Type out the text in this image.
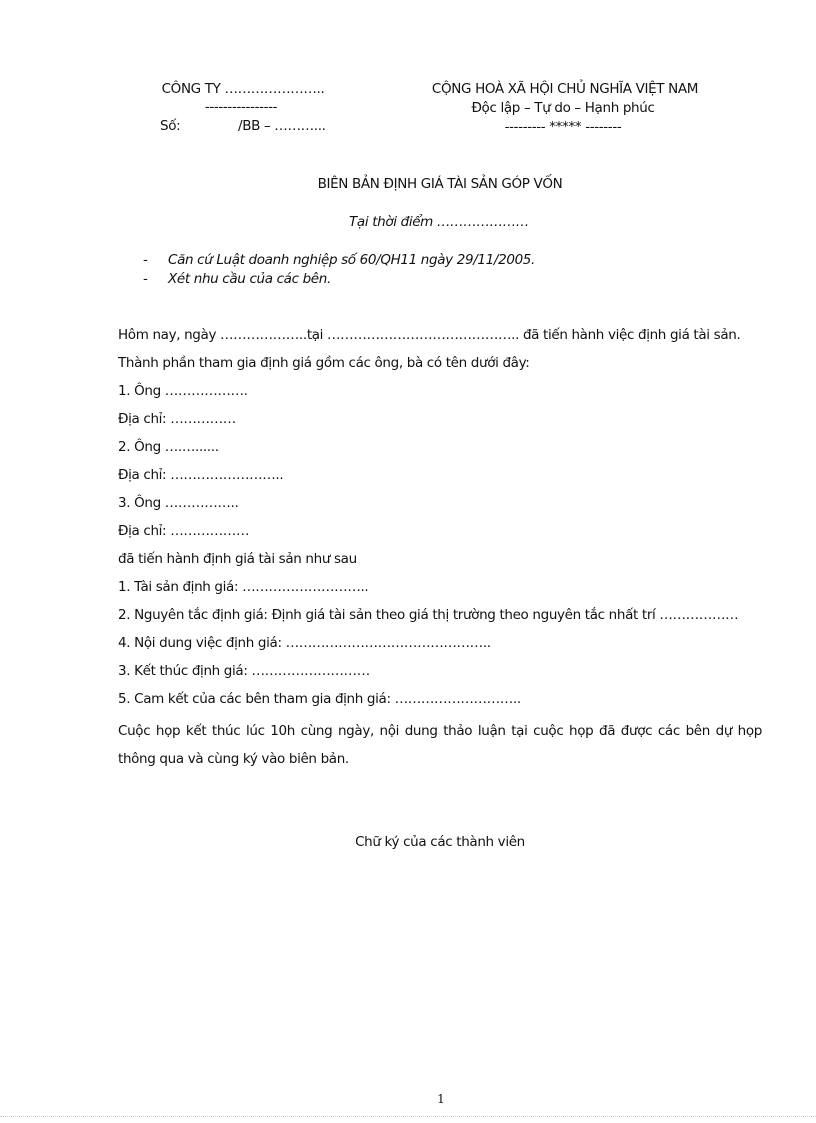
CÔNG TY …………………..
----------------
Số:	/BB – ………...
CỘNG HOÀ XÃ HỘI CHỦ NGHĨA VIỆT NAM
Độc lập – Tự do – Hạnh phúc
--------- ***** --------
BIÊN BẢN ĐỊNH GIÁ TÀI SẢN GÓP VỐN
Tại thời điểm …………………
- Căn cứ Luật doanh nghiệp số 60/QH11 ngày 29/11/2005.
- Xét nhu cầu của các bên.
Hôm nay, ngày ………………..tại …………………………………….. đã tiến hành việc định giá tài sản.
Thành phần tham gia định giá gồm các ông, bà có tên dưới đây:
1. Ông ……………….
Địa chỉ: ……………
2. Ông ….…......
Địa chỉ: ……………………..
3. Ông ……………..
Địa chỉ: ………………
đã tiến hành định giá tài sản như sau
1. Tài sản định giá: ………………………..
2. Nguyên tắc định giá: Định giá tài sản theo giá thị trường theo nguyên tắc nhất trí ………………
4. Nội dung việc định giá: ………………………………………..
3. Kết thúc định giá: ………………………
5. Cam kết của các bên tham gia định giá: ………………………..
Cuộc họp kết thúc lúc 10h cùng ngày, nội dung thảo luận tại cuộc họp đã được các bên dự họp thông qua và cùng ký vào biên bản.
Chữ ký của các thành viên
1
